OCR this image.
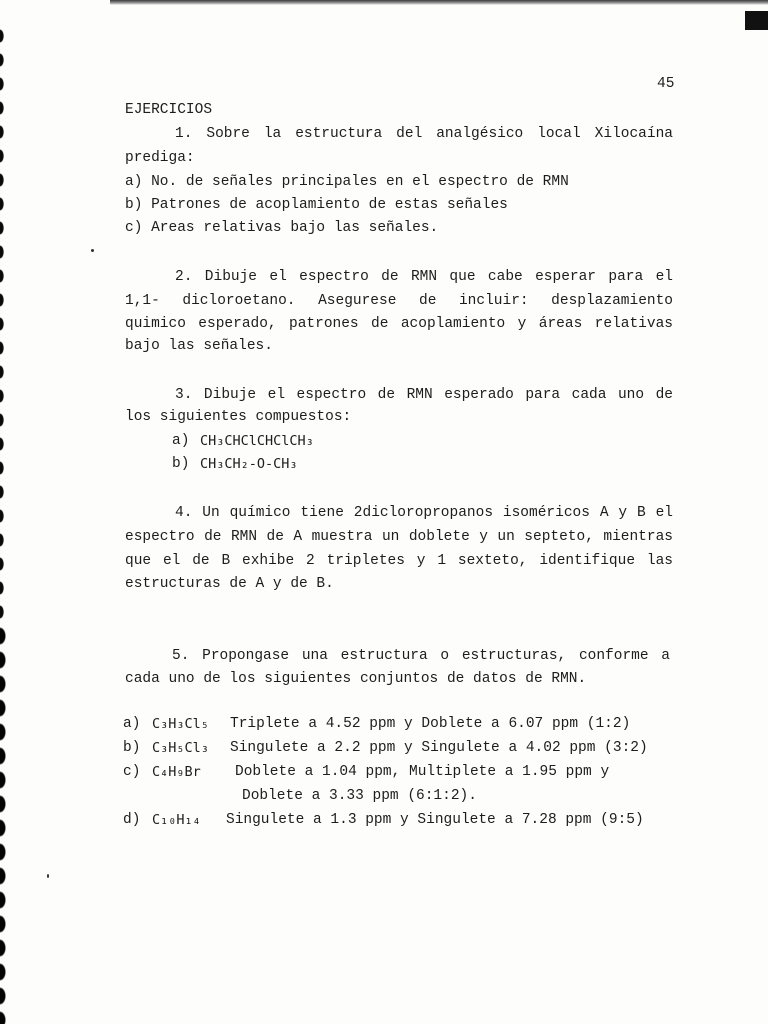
45
EJERCICIOS
1. Sobre la estructura del analgésico local Xilocaína
prediga:
a) No. de señales principales en el espectro de RMN
b) Patrones de acoplamiento de estas señales
c) Areas relativas bajo las señales.
2. Dibuje el espectro de RMN que cabe esperar para el
1,1- dicloroetano. Asegurese de incluir: desplazamiento
quimico esperado, patrones de acoplamiento y áreas relativas
bajo las señales.
3. Dibuje el espectro de RMN esperado para cada uno de
los siguientes compuestos:
a) CH₃CHClCHClCH₃
b) CH₃CH₂-O-CH₃
4. Un químico tiene 2dicloropropanos isoméricos A y B el
espectro de RMN de A muestra un doblete y un septeto, mientras
que el de B exhibe 2 tripletes y 1 sexteto, identifique las
estructuras de A y de B.
5. Propongase una estructura o estructuras, conforme a
cada uno de los siguientes conjuntos de datos de RMN.
a) C₃H₃Cl₅ Triplete a 4.52 ppm y Doblete a 6.07 ppm (1:2)
b) C₃H₅Cl₃ Singulete a 2.2 ppm y Singulete a 4.02 ppm (3:2)
c) C₄H₉Br Doblete a 1.04 ppm, Multiplete a 1.95 ppm y
Doblete a 3.33 ppm (6:1:2).
d) C₁₀H₁₄ Singulete a 1.3 ppm y Singulete a 7.28 ppm (9:5)
